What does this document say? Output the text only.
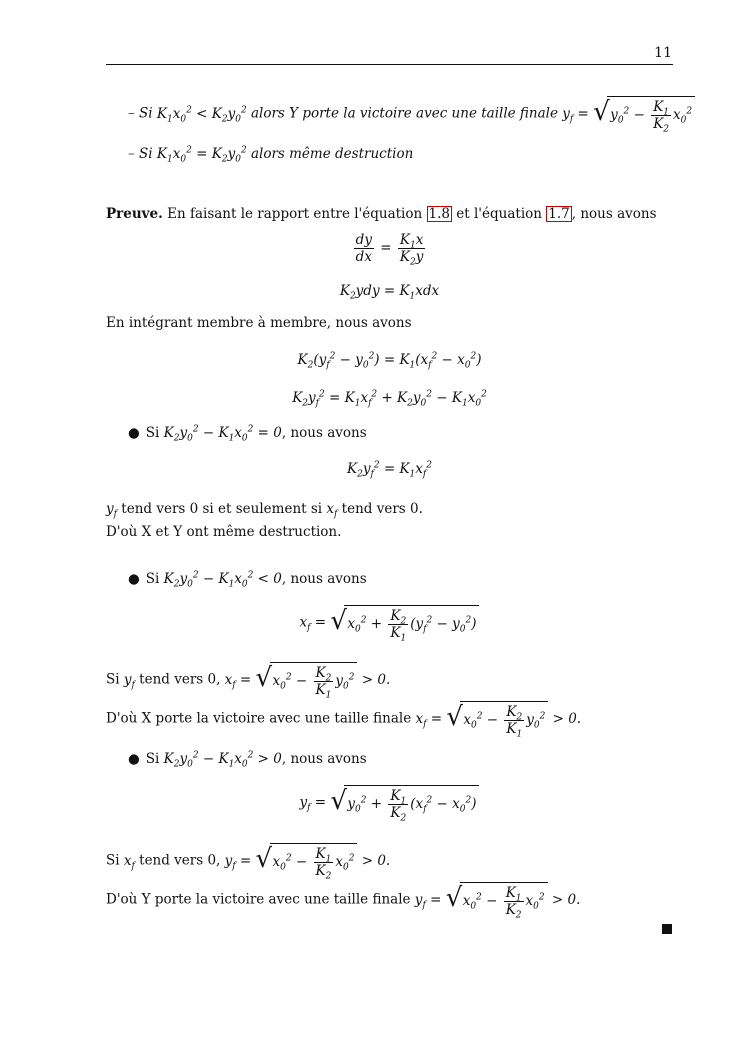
11
– Si $K_1x_0^2 < K_2y_0^2$ alors Y porte la victoire avec une taille finale $y_f$ = √ $y_0^2 - \frac{K_1}{K_2} x_0^2$
– Si $K_1x_0^2 = K_2y_0^2$ alors même destruction
Preuve. En faisant le rapport entre l'équation 1.8 et l'équation 1.7 , nous avons
$\frac{dy}{dx} = \frac{K_1x}{K_2y}$
$K_2ydy = K_1xdx$
En intégrant membre à membre, nous avons
$K_2(y_f^2 - y_0^2) = K_1(x_f^2 - x_0^2)$
$K_2y_f^2 = K_1x_f^2 + K_2y_0^2 - K_1x_0^2$
● Si $K_2y_0^2 - K_1x_0^2 = 0$, nous avons
$K_2y_f^2 = K_1x_f^2$
$y_f$ tend vers 0 si et seulement si $x_f$ tend vers 0.
D'où X et Y ont même destruction.
● Si $K_2y_0^2 - K_1x_0^2 < 0$, nous avons
$x_f$ = √ $x_0^2 + \frac{K_2}{K_1} (y_f^2 - y_0^2)$
Si $y_f$ tend vers 0, $x_f$ = √ $x_0^2 - \frac{K_2}{K_1} y_0^2 > 0$.
D'où X porte la victoire avec une taille finale $x_f$ = √ $x_0^2 - \frac{K_2}{K_1} y_0^2 > 0$.
● Si $K_2y_0^2 - K_1x_0^2 > 0$, nous avons
$y_f$ = √ $y_0^2 + \frac{K_1}{K_2} (x_f^2 - x_0^2)$
Si $x_f$ tend vers 0, $y_f$ = √ $x_0^2 - \frac{K_1}{K_2} x_0^2 > 0$.
D'où Y porte la victoire avec une taille finale $y_f$ = √ $x_0^2 - \frac{K_1}{K_2} x_0^2 > 0$.
